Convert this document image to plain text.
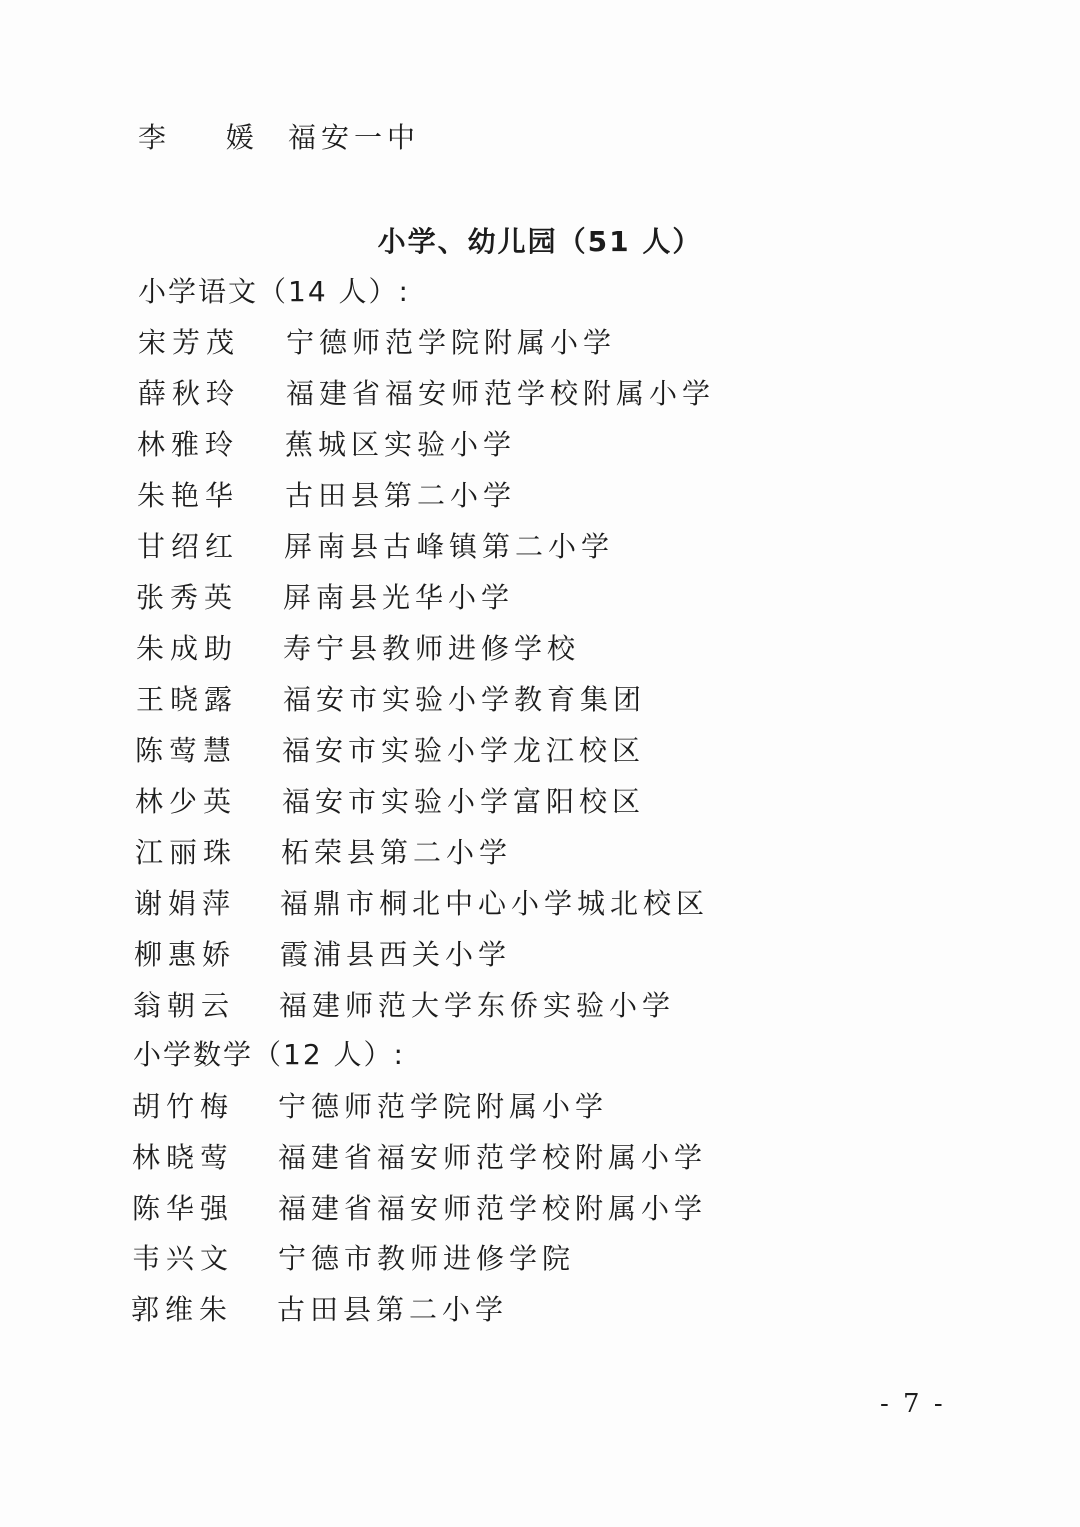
李  媛 福安一中
小学、幼儿园（51 人）
小学语文（14 人）:
宋芳茂 宁德师范学院附属小学
薛秋玲 福建省福安师范学校附属小学
林雅玲 蕉城区实验小学
朱艳华 古田县第二小学
甘绍红 屏南县古峰镇第二小学
张秀英 屏南县光华小学
朱成助 寿宁县教师进修学校
王晓露 福安市实验小学教育集团
陈莺慧 福安市实验小学龙江校区
林少英 福安市实验小学富阳校区
江丽珠 柘荣县第二小学
谢娟萍 福鼎市桐北中心小学城北校区
柳惠娇 霞浦县西关小学
翁朝云 福建师范大学东侨实验小学
小学数学（12 人）:
胡竹梅 宁德师范学院附属小学
林晓莺 福建省福安师范学校附属小学
陈华强 福建省福安师范学校附属小学
韦兴文 宁德市教师进修学院
郭维朱 古田县第二小学
- 7 -
